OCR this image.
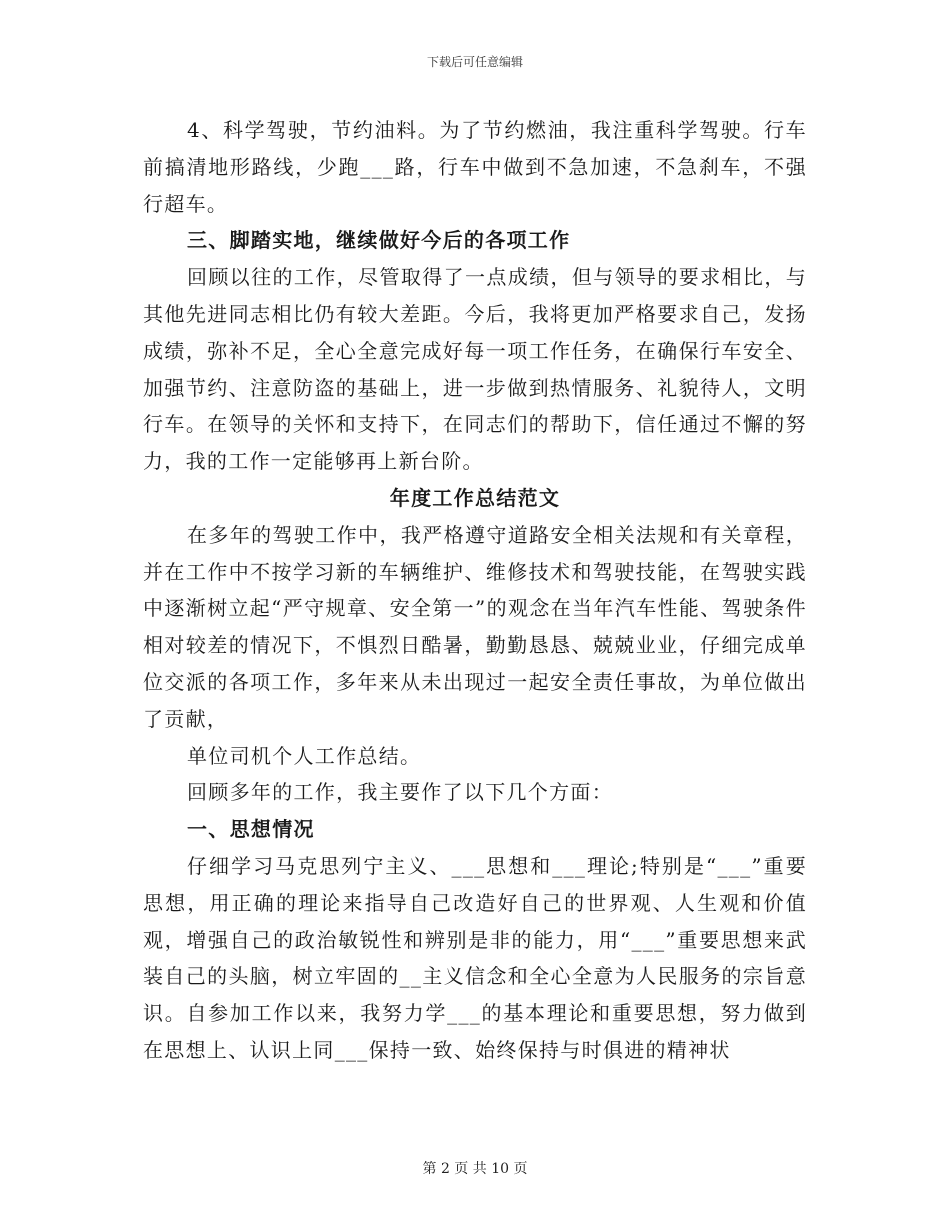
下载后可任意编辑

4、科学驾驶，节约油料。为了节约燃油，我注重科学驾驶。行车前搞清地形路线，少跑___路，行车中做到不急加速，不急刹车，不强行超车。

三、脚踏实地，继续做好今后的各项工作

回顾以往的工作，尽管取得了一点成绩，但与领导的要求相比，与其他先进同志相比仍有较大差距。今后，我将更加严格要求自己，发扬成绩，弥补不足，全心全意完成好每一项工作任务，在确保行车安全、加强节约、注意防盗的基础上，进一步做到热情服务、礼貌待人，文明行车。在领导的关怀和支持下，在同志们的帮助下，信任通过不懈的努力，我的工作一定能够再上新台阶。

年度工作总结范文

在多年的驾驶工作中，我严格遵守道路安全相关法规和有关章程，并在工作中不按学习新的车辆维护、维修技术和驾驶技能，在驾驶实践中逐渐树立起“严守规章、安全第一”的观念在当年汽车性能、驾驶条件相对较差的情况下，不惧烈日酷暑，勤勤恳恳、兢兢业业，仔细完成单位交派的各项工作，多年来从未出现过一起安全责任事故，为单位做出了贡献，

单位司机个人工作总结。

回顾多年的工作，我主要作了以下几个方面：

一、思想情况

仔细学习马克思列宁主义、___思想和___理论;特别是“___”重要思想，用正确的理论来指导自己改造好自己的世界观、人生观和价值观，增强自己的政治敏锐性和辨别是非的能力，用“___”重要思想来武装自己的头脑，树立牢固的__主义信念和全心全意为人民服务的宗旨意识。自参加工作以来，我努力学___的基本理论和重要思想，努力做到在思想上、认识上同___保持一致、始终保持与时俱进的精神状

第 2 页 共 10 页
